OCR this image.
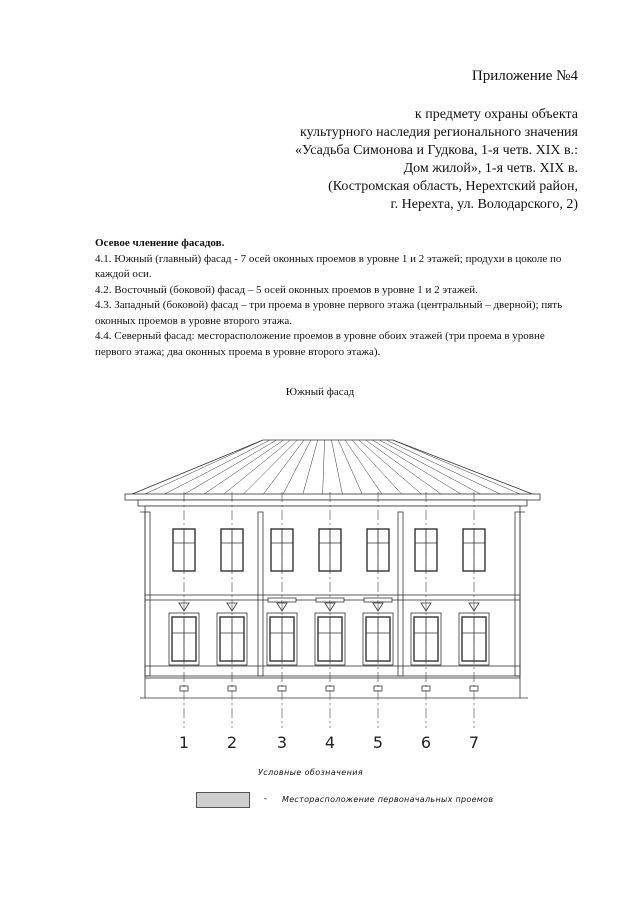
Приложение №4
к предмету охраны объекта
культурного наследия регионального значения
«Усадьба Симонова и Гудкова, 1-я четв. XIX в.:
Дом жилой», 1-я четв. XIX в.
(Костромская область, Нерехтский район,
г. Нерехта, ул. Володарского, 2)
Осевое членение фасадов.
4.1. Южный (главный) фасад - 7 осей оконных проемов в уровне 1 и 2 этажей; продухи в цоколе по каждой оси.
4.2. Восточный (боковой) фасад – 5 осей оконных проемов в уровне 1 и 2 этажей.
4.3. Западный (боковой) фасад – три проема в уровне первого этажа (центральный – дверной); пять оконных проемов в уровне второго этажа.
4.4. Северный фасад: месторасположение проемов в уровне обоих этажей (три проема в уровне первого этажа; два оконных проема в уровне второго этажа).
Южный фасад
1 2 3 4 5 6 7
Условные обозначения
- Месторасположение первоначальных проемов
